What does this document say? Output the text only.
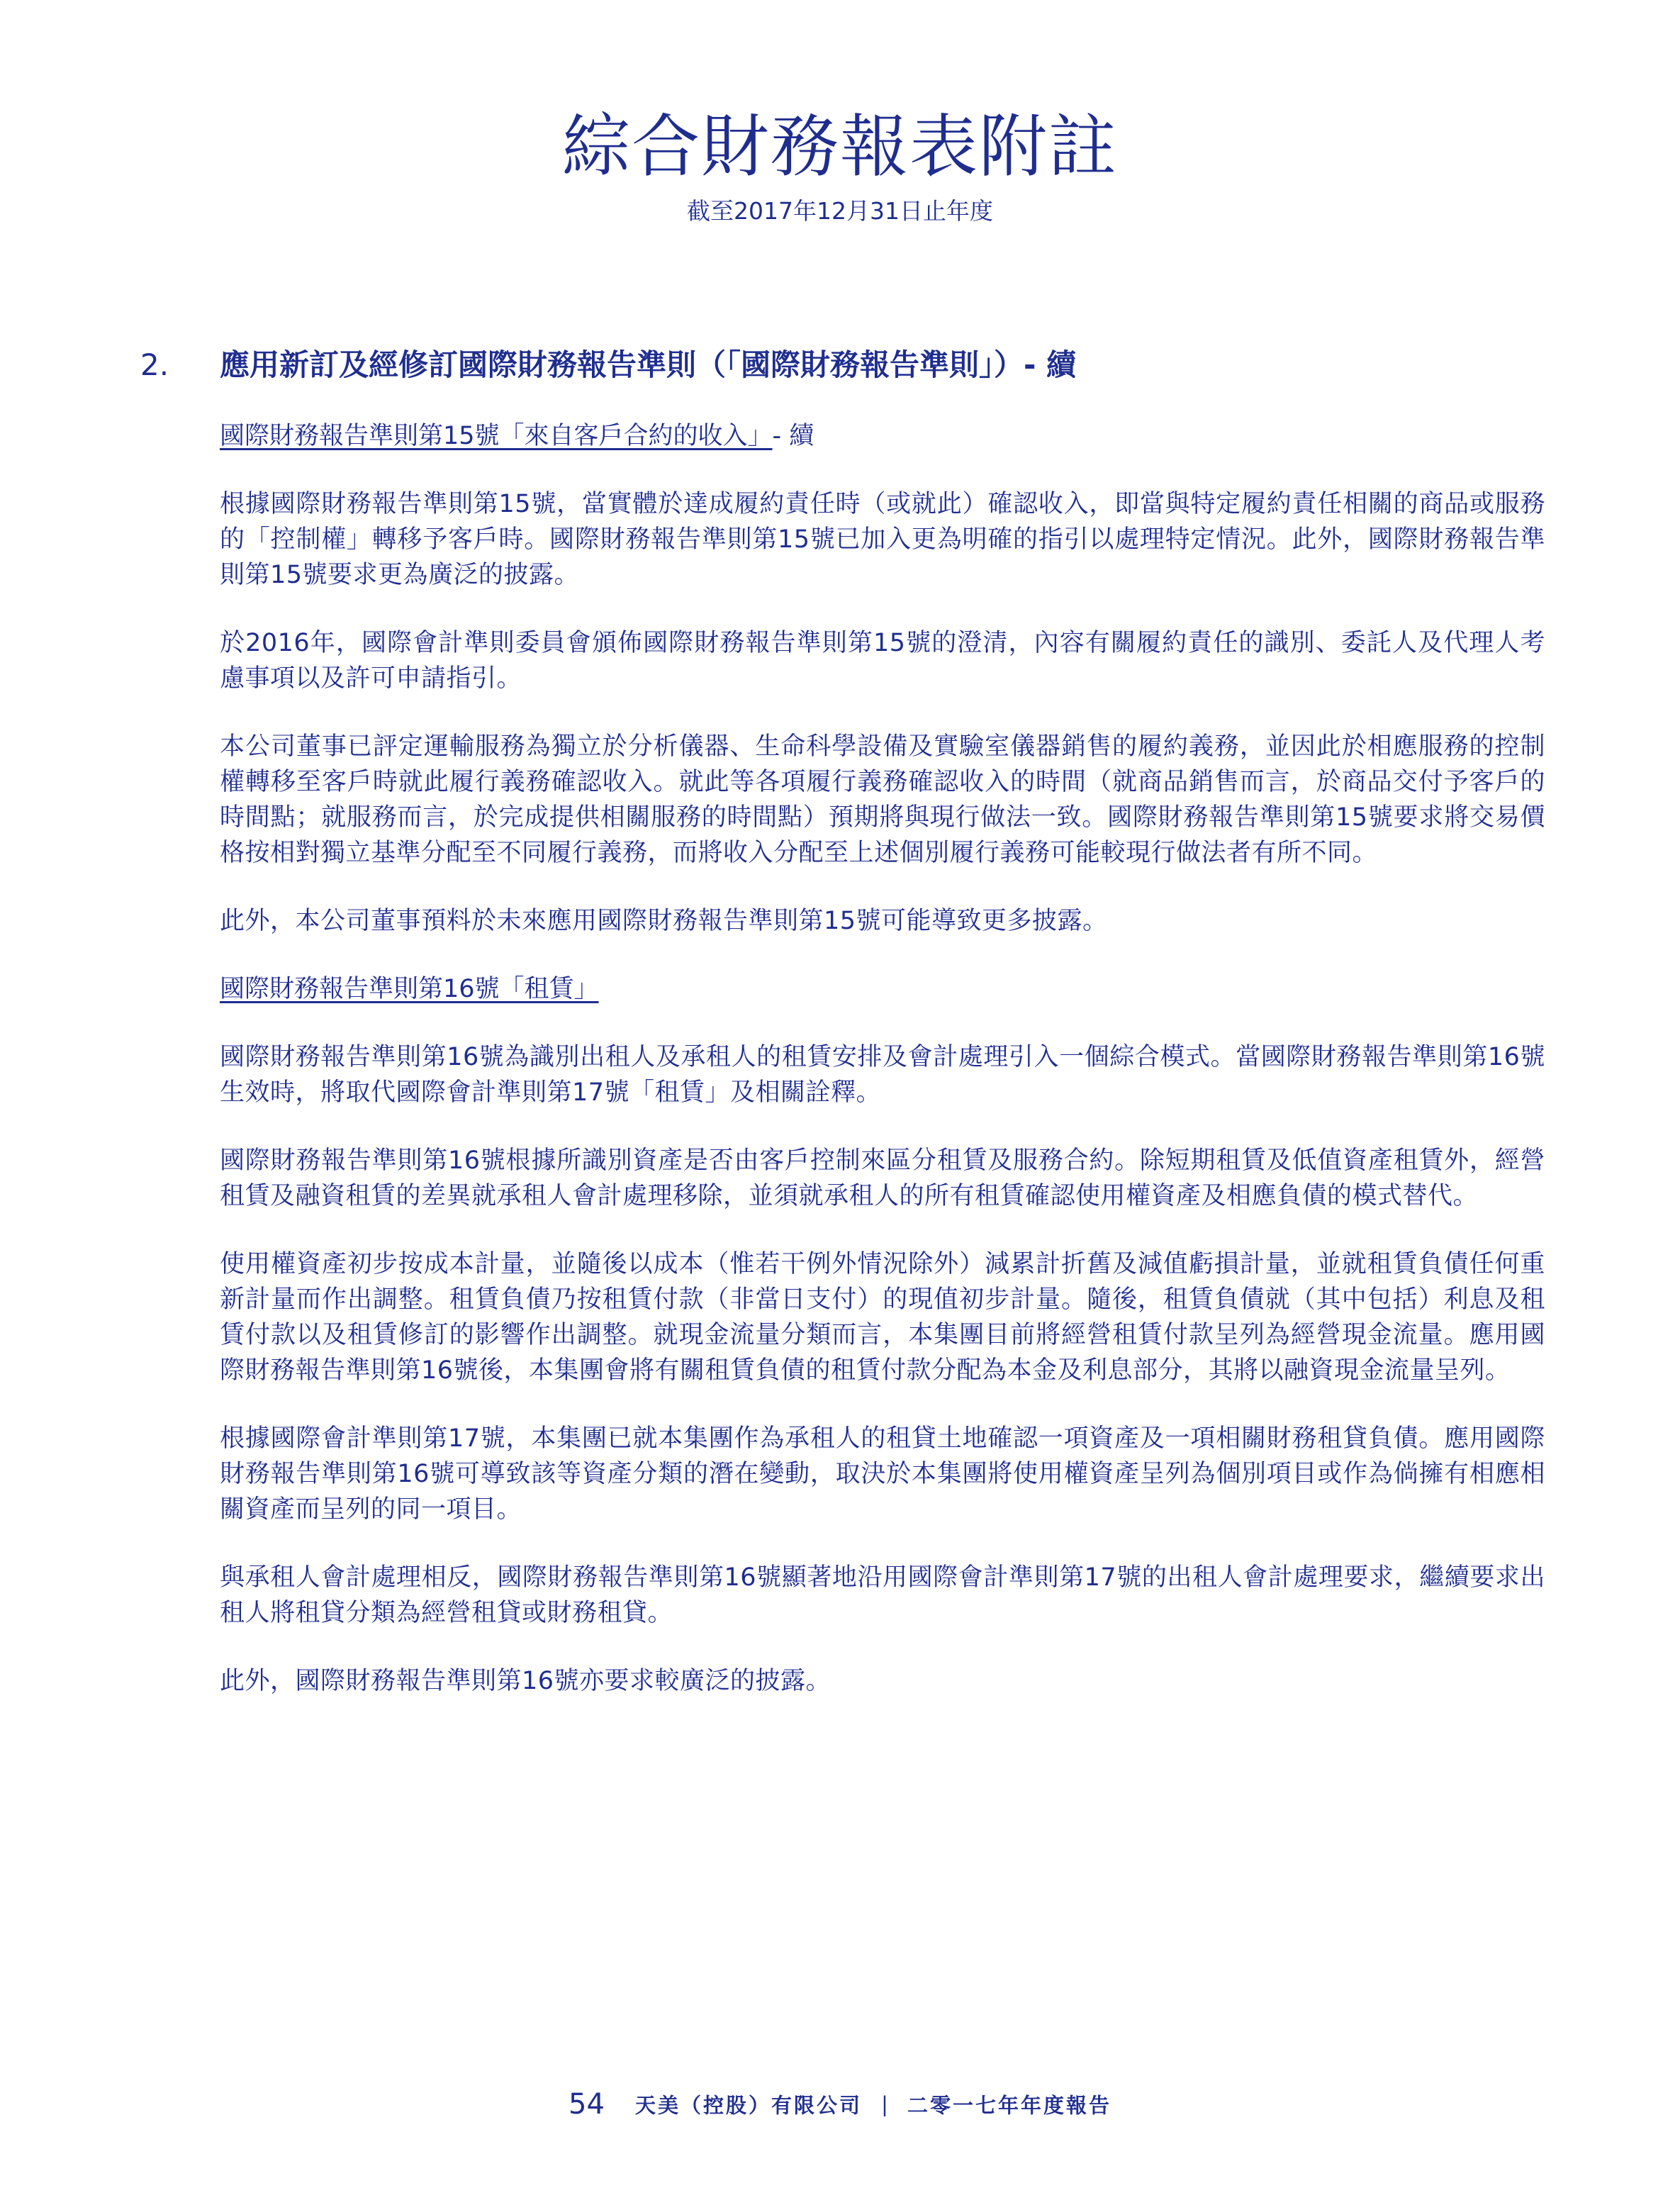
綜合財務報表附註
截至2017年12月31日止年度
2. 應用新訂及經修訂國際財務報告準則（「國際財務報告準則」）- 續
國際財務報告準則第15號「來自客戶合約的收入」- 續

根據國際財務報告準則第15號，當實體於達成履約責任時（或就此）確認收入，即當與特定履約責任相關的商品或服務的「控制權」轉移予客戶時。國際財務報告準則第15號已加入更為明確的指引以處理特定情況。此外，國際財務報告準則第15號要求更為廣泛的披露。

於2016年，國際會計準則委員會頒佈國際財務報告準則第15號的澄清，內容有關履約責任的識別、委託人及代理人考慮事項以及許可申請指引。

本公司董事已評定運輸服務為獨立於分析儀器、生命科學設備及實驗室儀器銷售的履約義務，並因此於相應服務的控制權轉移至客戶時就此履行義務確認收入。就此等各項履行義務確認收入的時間（就商品銷售而言，於商品交付予客戶的時間點；就服務而言，於完成提供相關服務的時間點）預期將與現行做法一致。國際財務報告準則第15號要求將交易價格按相對獨立基準分配至不同履行義務，而將收入分配至上述個別履行義務可能較現行做法者有所不同。

此外，本公司董事預料於未來應用國際財務報告準則第15號可能導致更多披露。

國際財務報告準則第16號「租賃」

國際財務報告準則第16號為識別出租人及承租人的租賃安排及會計處理引入一個綜合模式。當國際財務報告準則第16號生效時，將取代國際會計準則第17號「租賃」及相關詮釋。

國際財務報告準則第16號根據所識別資產是否由客戶控制來區分租賃及服務合約。除短期租賃及低值資產租賃外，經營租賃及融資租賃的差異就承租人會計處理移除，並須就承租人的所有租賃確認使用權資產及相應負債的模式替代。

使用權資產初步按成本計量，並隨後以成本（惟若干例外情況除外）減累計折舊及減值虧損計量，並就租賃負債任何重新計量而作出調整。租賃負債乃按租賃付款（非當日支付）的現值初步計量。隨後，租賃負債就（其中包括）利息及租賃付款以及租賃修訂的影響作出調整。就現金流量分類而言，本集團目前將經營租賃付款呈列為經營現金流量。應用國際財務報告準則第16號後，本集團會將有關租賃負債的租賃付款分配為本金及利息部分，其將以融資現金流量呈列。

根據國際會計準則第17號，本集團已就本集團作為承租人的租貸土地確認一項資產及一項相關財務租貸負債。應用國際財務報告準則第16號可導致該等資產分類的潛在變動，取決於本集團將使用權資產呈列為個別項目或作為倘擁有相應相關資產而呈列的同一項目。

與承租人會計處理相反，國際財務報告準則第16號顯著地沿用國際會計準則第17號的出租人會計處理要求，繼續要求出租人將租貸分類為經營租貸或財務租貸。

此外，國際財務報告準則第16號亦要求較廣泛的披露。

54 天美（控股）有限公司 | 二零一七年年度報告
